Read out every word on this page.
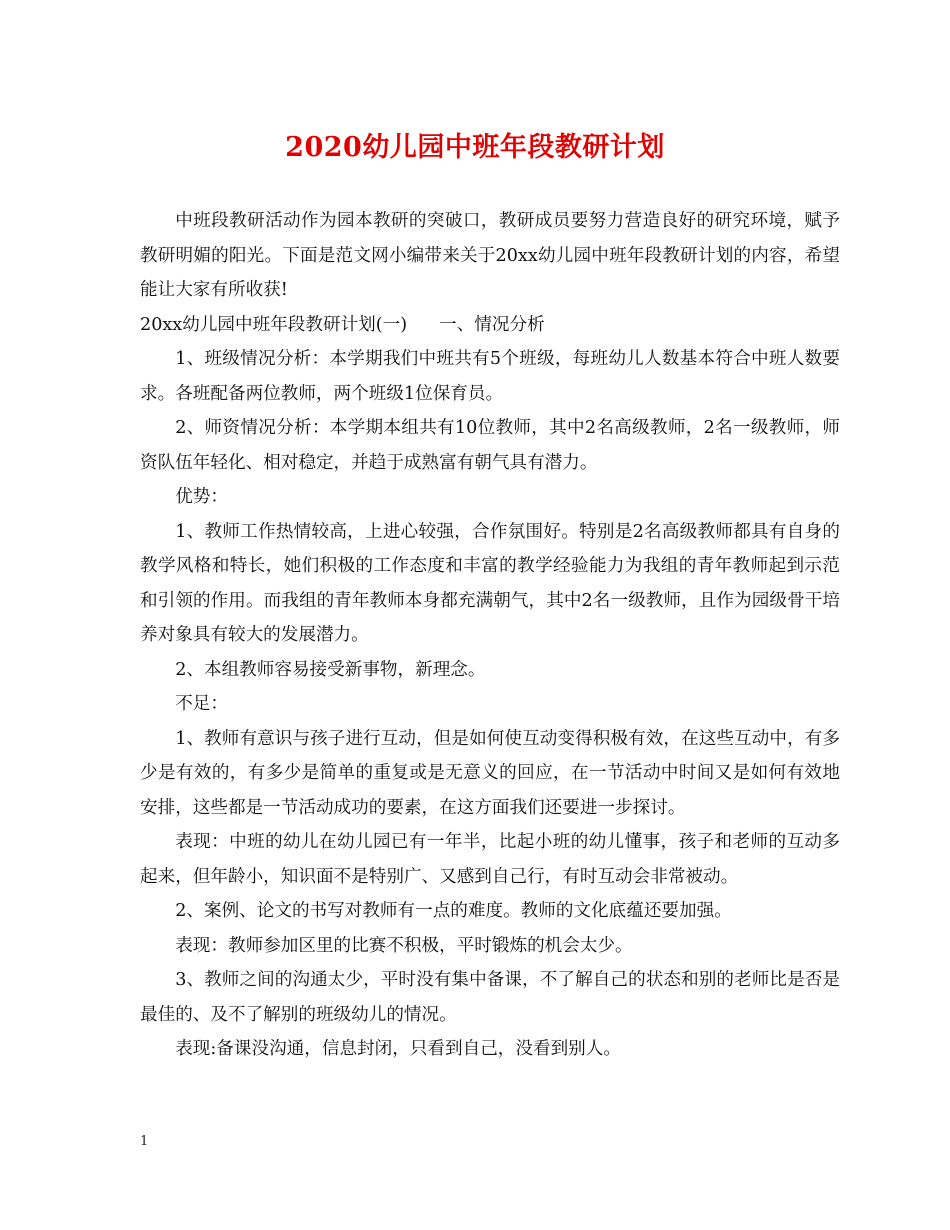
2020幼儿园中班年段教研计划

中班段教研活动作为园本教研的突破口，教研成员要努力营造良好的研究环境，赋予教研明媚的阳光。下面是范文网小编带来关于20xx幼儿园中班年段教研计划的内容，希望能让大家有所收获!

20xx幼儿园中班年段教研计划(一) 一、情况分析

1、班级情况分析：本学期我们中班共有5个班级，每班幼儿人数基本符合中班人数要求。各班配备两位教师，两个班级1位保育员。

2、师资情况分析：本学期本组共有10位教师，其中2名高级教师，2名一级教师，师资队伍年轻化、相对稳定，并趋于成熟富有朝气具有潜力。

优势：

1、教师工作热情较高，上进心较强，合作氛围好。特别是2名高级教师都具有自身的教学风格和特长，她们积极的工作态度和丰富的教学经验能力为我组的青年教师起到示范和引领的作用。而我组的青年教师本身都充满朝气，其中2名一级教师，且作为园级骨干培养对象具有较大的发展潜力。

2、本组教师容易接受新事物，新理念。

不足：

1、教师有意识与孩子进行互动，但是如何使互动变得积极有效，在这些互动中，有多少是有效的，有多少是简单的重复或是无意义的回应，在一节活动中时间又是如何有效地安排，这些都是一节活动成功的要素，在这方面我们还要进一步探讨。

表现：中班的幼儿在幼儿园已有一年半，比起小班的幼儿懂事，孩子和老师的互动多起来，但年龄小，知识面不是特别广、又感到自己行，有时互动会非常被动。

2、案例、论文的书写对教师有一点的难度。教师的文化底蕴还要加强。

表现：教师参加区里的比赛不积极，平时锻炼的机会太少。

3、教师之间的沟通太少，平时没有集中备课，不了解自己的状态和别的老师比是否是最佳的、及不了解别的班级幼儿的情况。

表现:备课没沟通，信息封闭，只看到自己，没看到别人。

1
